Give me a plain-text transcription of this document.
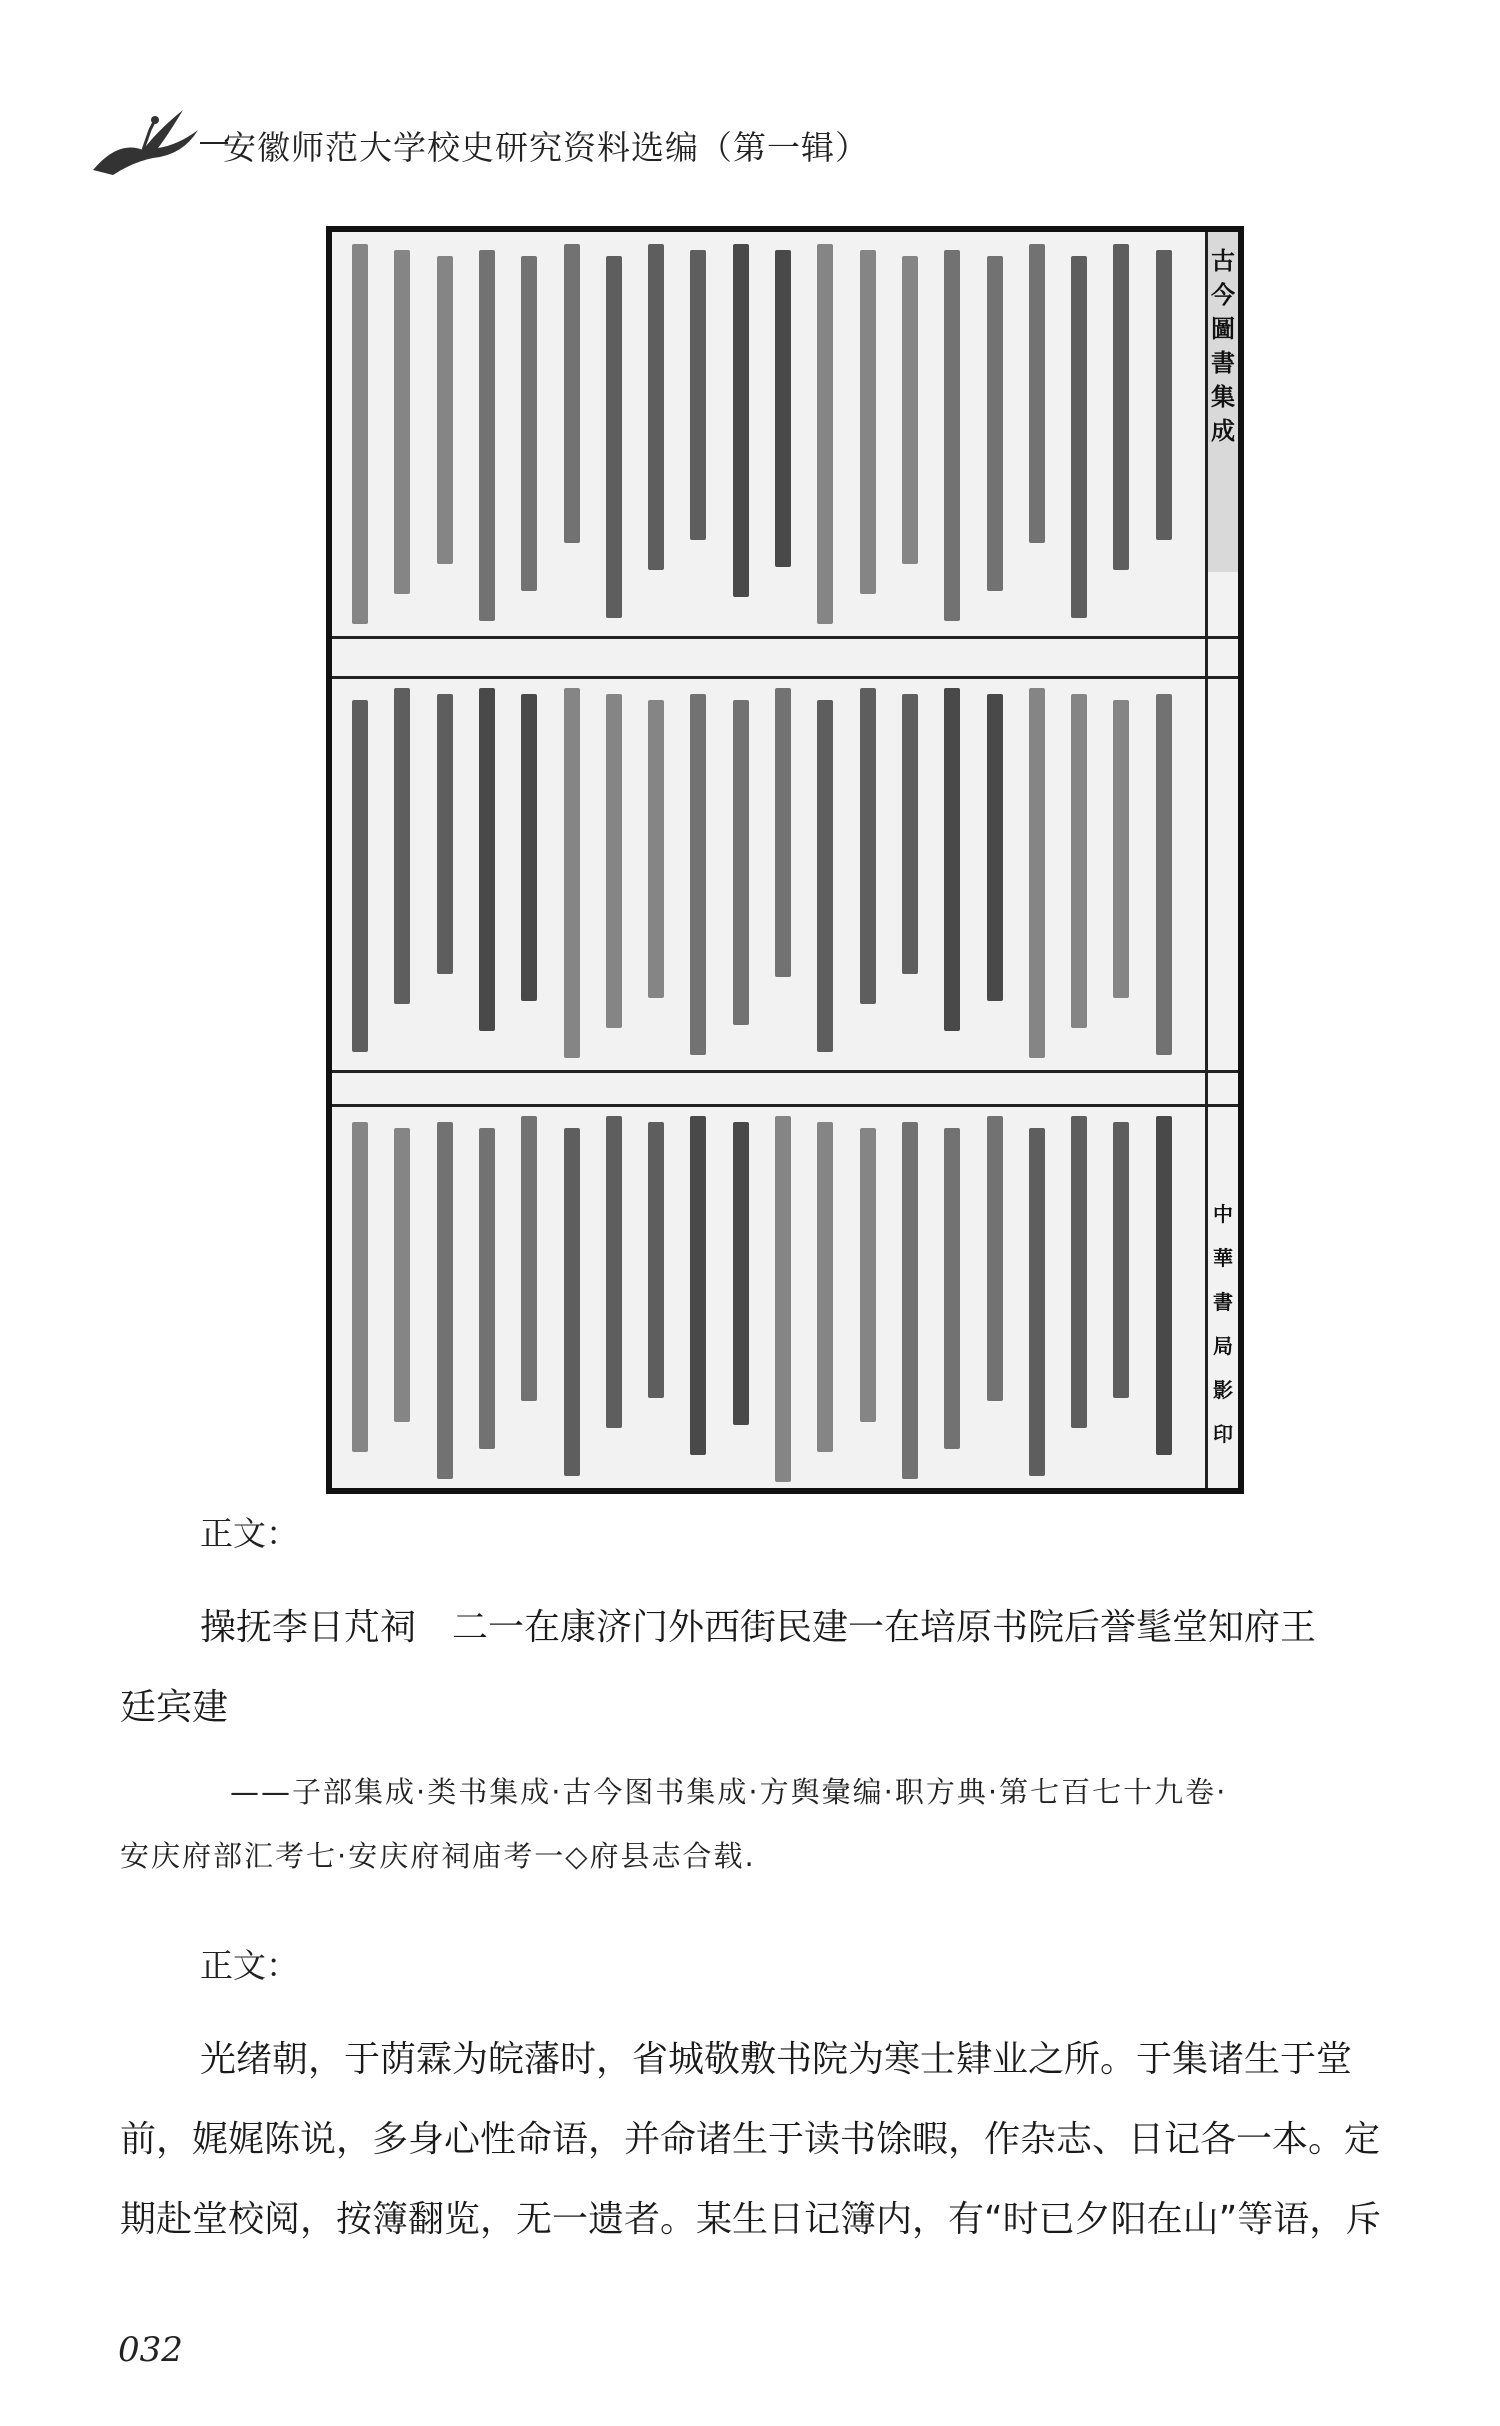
安徽师范大学校史研究资料选编（第一辑）
古
今
圖
書
集
成
中
華
書
局
影
印
正文：
操抚李日芃祠　二一在康济门外西街民建一在培原书院后誉髦堂知府王
廷宾建
——子部集成·类书集成·古今图书集成·方舆彙编·职方典·第七百七十九卷·
安庆府部汇考七·安庆府祠庙考一◇府县志合载.
正文：
光绪朝，于荫霖为皖藩时，省城敬敷书院为寒士肄业之所。于集诸生于堂
前，娓娓陈说，多身心性命语，并命诸生于读书馀暇，作杂志、日记各一本。定
期赴堂校阅，按簿翻览，无一遗者。某生日记簿内，有“时已夕阳在山”等语，斥
032
